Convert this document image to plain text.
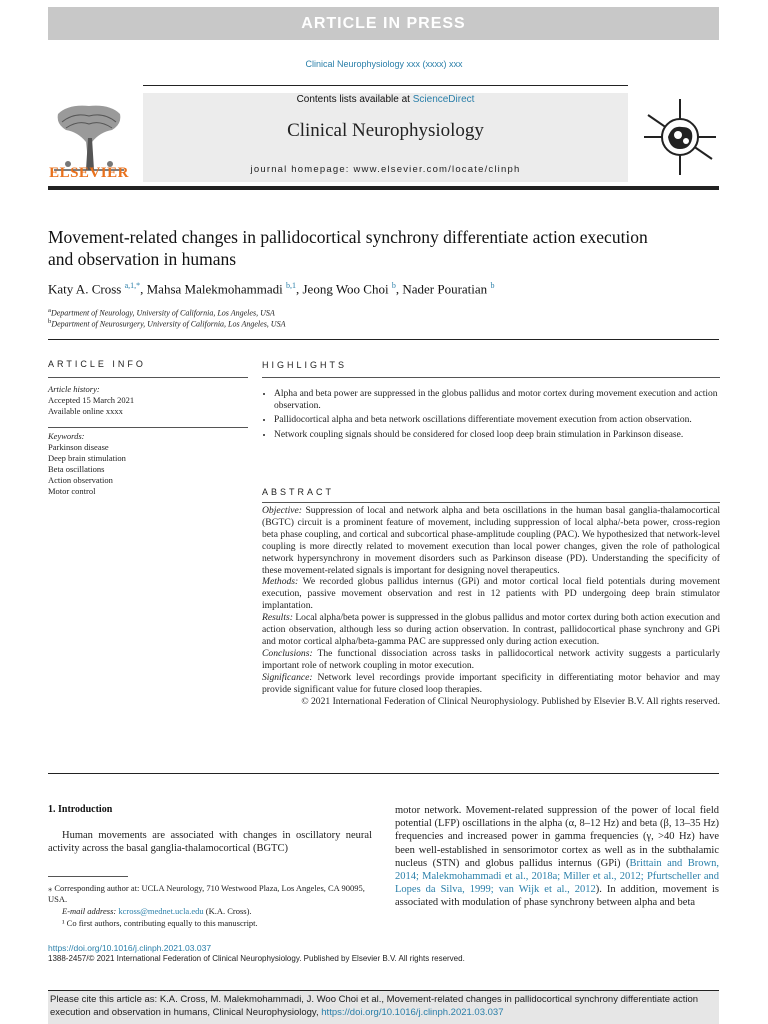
ARTICLE IN PRESS
Clinical Neurophysiology xxx (xxxx) xxx
ELSEVIER
Contents lists available at ScienceDirect
Clinical Neurophysiology
journal homepage: www.elsevier.com/locate/clinph
Movement-related changes in pallidocortical synchrony differentiate action execution and observation in humans
Katy A. Cross $^{a,1,*}$, Mahsa Malekmohammadi $^{b,1}$, Jeong Woo Choi $^b$, Nader Pouratian $^b$
$^a$Department of Neurology, University of California, Los Angeles, USA
$^b$Department of Neurosurgery, University of California, Los Angeles, USA
ARTICLE INFO
Article history:
Accepted 15 March 2021
Available online xxxx
Keywords:
Parkinson disease
Deep brain stimulation
Beta oscillations
Action observation
Motor control
HIGHLIGHTS
• Alpha and beta power are suppressed in the globus pallidus and motor cortex during movement execution and action observation.
• Pallidocortical alpha and beta network oscillations differentiate movement execution from action observation.
• Network coupling signals should be considered for closed loop deep brain stimulation in Parkinson disease.
ABSTRACT

Objective: Suppression of local and network alpha and beta oscillations in the human basal ganglia-thalamocortical (BGTC) circuit is a prominent feature of movement, including suppression of local alpha/-beta power, cross-region beta phase coupling, and cortical and subcortical phase-amplitude coupling (PAC). We hypothesized that network-level coupling is more directly related to movement execution than local power changes, given the role of pathological network hypersynchrony in movement disorders such as Parkinson disease (PD). Understanding the specificity of these movement-related signals is important for designing novel therapeutics.

Methods: We recorded globus pallidus internus (GPi) and motor cortical local field potentials during movement execution, passive movement observation and rest in 12 patients with PD undergoing deep brain stimulator implantation.

Results: Local alpha/beta power is suppressed in the globus pallidus and motor cortex during both action execution and action observation, although less so during action observation. In contrast, pallidocortical phase synchrony and GPi and motor cortical alpha/beta-gamma PAC are suppressed only during action execution.

Conclusions: The functional dissociation across tasks in pallidocortical network activity suggests a particularly important role of network coupling in motor execution.

Significance: Network level recordings provide important specificity in differentiating motor behavior and may provide significant value for future closed loop therapies.

© 2021 International Federation of Clinical Neurophysiology. Published by Elsevier B.V. All rights reserved.

1. Introduction
Human movements are associated with changes in oscillatory neural activity across the basal ganglia-thalamocortical (BGTC)
motor network. Movement-related suppression of the power of local field potential (LFP) oscillations in the alpha (α, 8–12 Hz) and beta (β, 13–35 Hz) frequencies and increased power in gamma frequencies (γ, >40 Hz) have been well-established in sensorimotor cortex as well as in the subthalamic nucleus (STN) and globus pallidus internus (GPi) (Brittain and Brown, 2014; Malekmohammadi et al., 2018a; Miller et al., 2012; Pfurtscheller and Lopes da Silva, 1999; van Wijk et al., 2012). In addition, movement is associated with modulation of phase synchrony between alpha and beta
⁎ Corresponding author at: UCLA Neurology, 710 Westwood Plaza, Los Angeles, CA 90095, USA.
E-mail address: kcross@mednet.ucla.edu (K.A. Cross).
¹ Co first authors, contributing equally to this manuscript.
https://doi.org/10.1016/j.clinph.2021.03.037
1388-2457/© 2021 International Federation of Clinical Neurophysiology. Published by Elsevier B.V. All rights reserved.
Please cite this article as: K.A. Cross, M. Malekmohammadi, J. Woo Choi et al., Movement-related changes in pallidocortical synchrony differentiate action execution and observation in humans, Clinical Neurophysiology, https://doi.org/10.1016/j.clinph.2021.03.037
